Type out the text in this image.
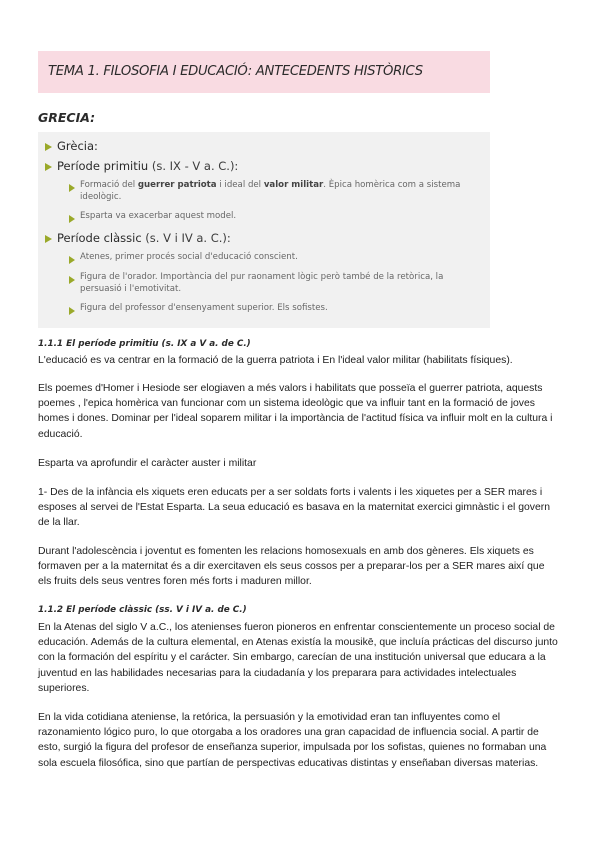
TEMA 1. FILOSOFIA I EDUCACIÓ: ANTECEDENTS HISTÒRICS
GRECIA:
Grècia:
Període primitiu (s. IX - V a. C.):
Formació del guerrer patriota i ideal del valor militar. Èpica homèrica com a sistema ideològic.
Esparta va exacerbar aquest model.
Període clàssic (s. V i IV a. C.):
Atenes, primer procés social d'educació conscient.
Figura de l'orador. Importància del pur raonament lògic però també de la retòrica, la persuasió i l'emotivitat.
Figura del professor d'ensenyament superior. Els sofistes.
1.1.1 El període primitiu (s. IX a V a. de C.)
L'educació es va centrar en la formació de la guerra patriota i En l'ideal valor militar (habilitats físiques).
Els poemes d'Homer i Hesiode ser elogiaven a més valors i habilitats que posseïa el guerrer patriota, aquests poemes , l'epica homèrica van funcionar com un sistema ideològic que va influir tant en la formació de joves homes i dones. Dominar per l'ideal soparem militar i la importància de l'actitud física va influir molt en la cultura i educació.
Esparta va aprofundir el caràcter auster i militar
1- Des de la infància els xiquets eren educats per a ser soldats forts i valents i les xiquetes per a SER mares i esposes al servei de l'Estat Esparta. La seua educació es basava en la maternitat exercici gimnàstic i el govern de la llar.
Durant l'adolescència i joventut es fomenten les relacions homosexuals en amb dos gèneres. Els xiquets es formaven per a la maternitat és a dir exercitaven els seus cossos per a preparar-los per a SER mares així que els fruits dels seus ventres foren més forts i maduren millor.
1.1.2 El període clàssic (ss. V i IV a. de C.)
En la Atenas del siglo V a.C., los atenienses fueron pioneros en enfrentar conscientemente un proceso social de educación. Además de la cultura elemental, en Atenas existía la mousikē, que incluía prácticas del discurso junto con la formación del espíritu y el carácter. Sin embargo, carecían de una institución universal que educara a la juventud en las habilidades necesarias para la ciudadanía y los preparara para actividades intelectuales superiores.
En la vida cotidiana ateniense, la retórica, la persuasión y la emotividad eran tan influyentes como el razonamiento lógico puro, lo que otorgaba a los oradores una gran capacidad de influencia social. A partir de esto, surgió la figura del profesor de enseñanza superior, impulsada por los sofistas, quienes no formaban una sola escuela filosófica, sino que partían de perspectivas educativas distintas y enseñaban diversas materias.
